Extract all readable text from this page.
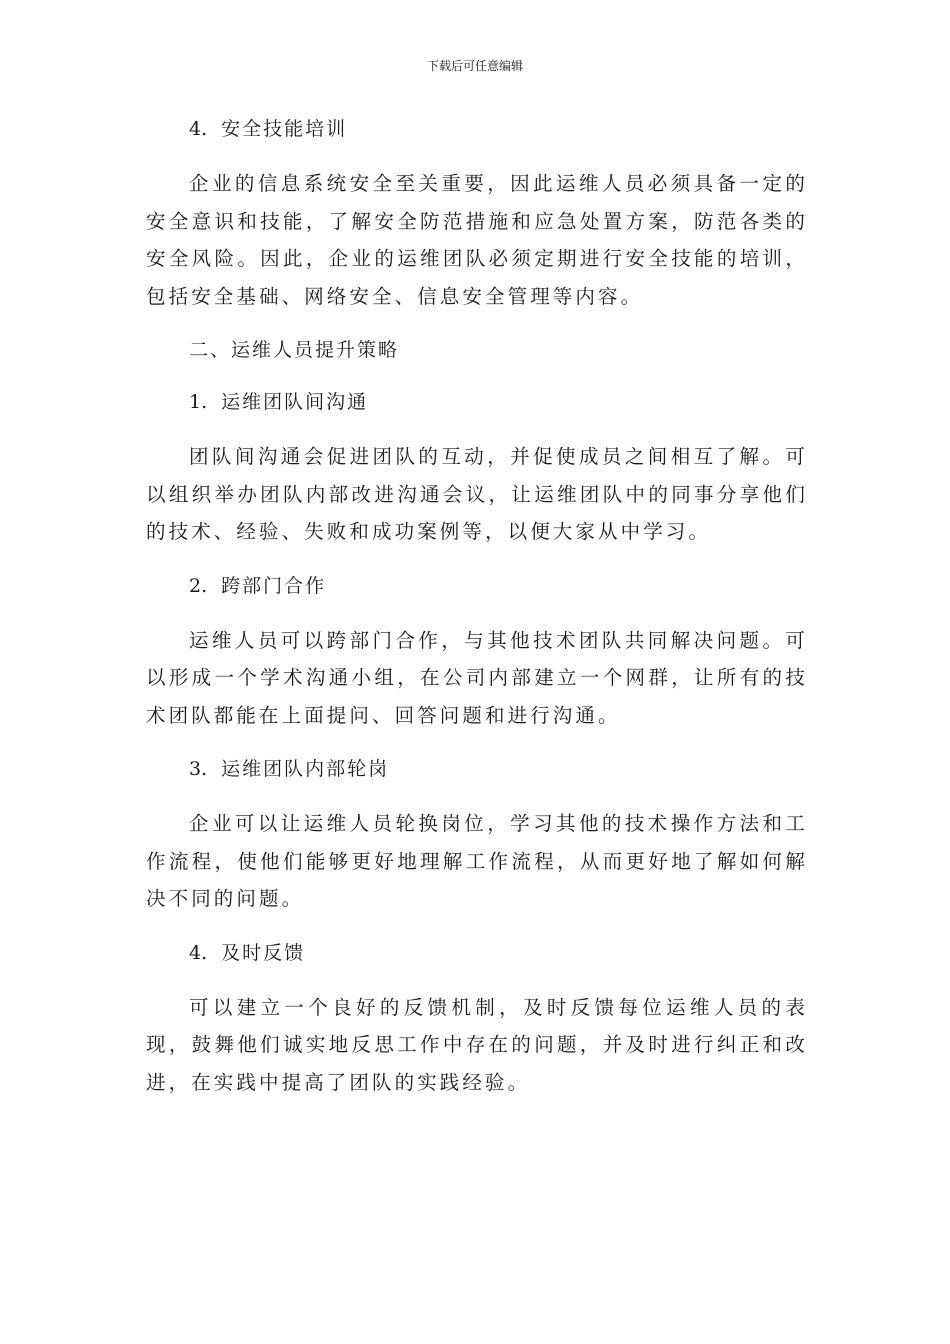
下载后可任意编辑
4. 安全技能培训

企业的信息系统安全至关重要，因此运维人员必须具备一定的安全意识和技能，了解安全防范措施和应急处置方案，防范各类的安全风险。因此，企业的运维团队必须定期进行安全技能的培训，包括安全基础、网络安全、信息安全管理等内容。

二、运维人员提升策略
1. 运维团队间沟通

团队间沟通会促进团队的互动，并促使成员之间相互了解。可以组织举办团队内部改进沟通会议，让运维团队中的同事分享他们的技术、经验、失败和成功案例等，以便大家从中学习。

2. 跨部门合作

运维人员可以跨部门合作，与其他技术团队共同解决问题。可以形成一个学术沟通小组，在公司内部建立一个网群，让所有的技术团队都能在上面提问、回答问题和进行沟通。

3. 运维团队内部轮岗

企业可以让运维人员轮换岗位，学习其他的技术操作方法和工作流程，使他们能够更好地理解工作流程，从而更好地了解如何解决不同的问题。

4. 及时反馈

可以建立一个良好的反馈机制，及时反馈每位运维人员的表现，鼓舞他们诚实地反思工作中存在的问题，并及时进行纠正和改进，在实践中提高了团队的实践经验。
